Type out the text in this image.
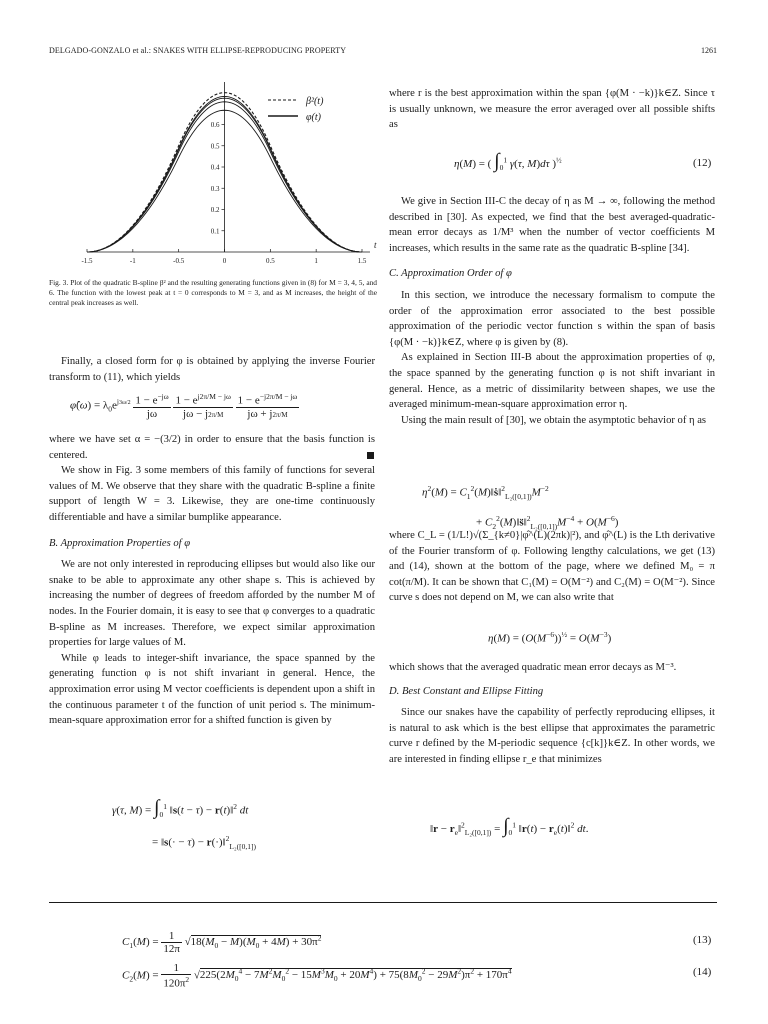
DELGADO-GONZALO et al.: SNAKES WITH ELLIPSE-REPRODUCING PROPERTY	1261
-1.5	-1	-0.5	0	0.5	1	1.5
0.1
0.2
0.3
0.4
0.5
0.6
t
β²(t)
φ(t)
Fig. 3. Plot of the quadratic B-spline β² and the resulting generating functions given in (8) for M = 3, 4, 5, and 6. The function with the lowest peak at t = 0 corresponds to M = 3, and as M increases, the height of the central peak increases as well.

Finally, a closed form for φ is obtained by applying the inverse Fourier transform to (11), which yields

φ̂(ω) = $\lambda_0e^{j3\omega/2} \frac{1 - e^{-j\omega}}{j\omega}$
$\frac{1 - e^{j2\pi/M - j\omega}}{j\omega - j2\pi/M}$
$\frac{1 - e^{-j2\pi/M - j\omega}}{j\omega + j2\pi/M}$

where we have set α = −(3/2) in order to ensure that the basis function is centered.

We show in Fig. 3 some members of this family of functions for several values of M. We observe that they share with the quadratic B-spline a finite support of length W = 3. Likewise, they are one-time continuously differentiable and have a similar bumplike appearance.

B. Approximation Properties of φ

We are not only interested in reproducing ellipses but would also like our snake to be able to approximate any other shape s. This is achieved by increasing the number of degrees of freedom afforded by the number M of nodes. In the Fourier domain, it is easy to see that φ converges to a quadratic B-spline as M increases. Therefore, we expect similar approximation properties for large values of M.

While φ leads to integer-shift invariance, the space spanned by the generating function φ is not shift invariant in general. Hence, the approximation error using M vector coefficients is dependent upon a shift in the continuous parameter t of the function of unit period s. The minimum-mean-square approximation error for a shifted function is given by

γ(τ, $M) = \int_0^1$ ‖s(t − τ) − r(t)‖$^2$ dt
= ‖s(· − τ) − r(·)‖$^2_{L_2([0,1])}$

where r is the best approximation within the span {φ(M · −k)}k∈Z. Since τ is usually unknown, we measure the error averaged over all possible shifts as

η(M) = ( $\int_0^1$ γ(τ, M)dτ )$^{\frac{1}{2}}$	(12)

We give in Section III-C the decay of η as M → ∞, following the method described in [30]. As expected, we find that the best averaged-quadratic-mean error decays as 1/M³ when the number of vector coefficients M increases, which results in the same rate as the quadratic B-spline [34].

C. Approximation Order of φ

In this section, we introduce the necessary formalism to compute the order of the approximation error associated to the best possible approximation of the periodic vector function s within the span of basis {φ(M · −k)}k∈Z, where φ is given by (8).

As explained in Section III-B about the approximation properties of φ, the space spanned by the generating function φ is not shift invariant in general. Hence, as a metric of dissimilarity between shapes, we use the averaged minimum-mean-square approximation error η.

Using the main result of [30], we obtain the asymptotic behavior of η as

$\eta^2(M)$ = $C_1^2(M)‖ṡ‖^2_{L_2([0,1])}M^{-2}$
+ $C_2^2(M)‖s̈‖^2_{L_2([0,1])}M^{-4} + O(M^{-6})$

where C_L = (1/L!)√(Σ_{k≠0}|φ̂^(L)(2πk)|²), and φ̂^(L) is the Lth derivative of the Fourier transform of φ. Following lengthy calculations, we get (13) and (14), shown at the bottom of the page, where we defined M₀ = π cot(π/M). It can be shown that C₁(M) = O(M⁻²) and C₂(M) = O(M⁻²). Since curve s does not depend on M, we can also write that

$\eta(M) = (O(M^{-6}))^{\frac{1}{2}} = O(M^{-3})$

which shows that the averaged quadratic mean error decays as M⁻³.

D. Best Constant and Ellipse Fitting

Since our snakes have the capability of perfectly reproducing ellipses, it is natural to ask which is the best ellipse that approximates the parametric curve r defined by the M-periodic sequence {c[k]}k∈Z. In other words, we are interested in finding ellipse r_e that minimizes

‖r − $r_e‖^2_{L_2([0,1])} = \int_0^1$ ‖r(t) − $r_e(t)‖^2$ dt.
$C_1(M) = \frac{1}{12\pi} √18(M_0 - M)(M_0 + 4M) + 30\pi^2$	(13)
$C_2(M) = \frac{1}{120\pi^2} √225(2M_0^4 - 7M^2M_0^2 - 15M^3M_0 + 20M^4) + 75(8M_0^2 - 29M^2)\pi^2 + 170\pi^4$	(14)
